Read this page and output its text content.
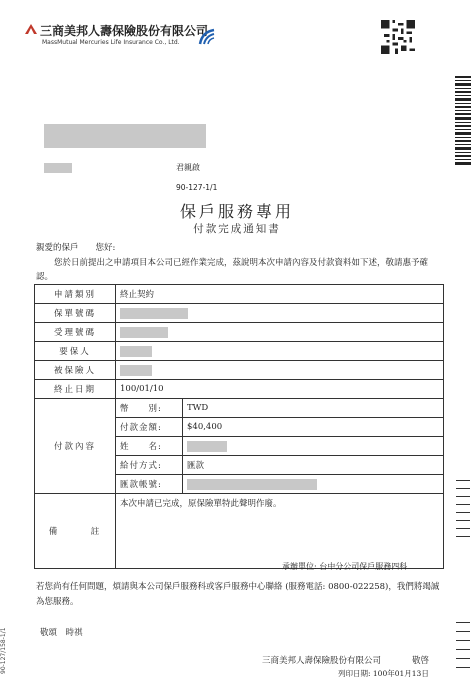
三商美邦人壽保險股份有限公司
MassMutual Mercuries Life Insurance Co., Ltd.
90-127/158-1/1
君親啟
90-127-1/1
保戶服務專用
付款完成通知書
親愛的保戶　　您好:
您於日前提出之申請項目本公司已經作業完成，茲說明本次申請內容及付款資料如下述，敬請惠予確認。
申請類別	終止契約
保單號碼	
受理號碼	
要保人	
被保險人	
終止日期	100/01/10
付款內容	
幣　　別:	TWD
付款金額:	$40,400
姓　　名:	
給付方式:	匯款
匯款帳號:	

備　　　註	本次申請已完成，原保險單特此聲明作廢。
承辦單位: 台中分公司保戶服務四科
若您尚有任何問題，煩請與本公司保戶服務科或客戶服務中心聯絡 (服務電話: 0800-022258)，我們將竭誠為您服務。
敬頌　時祺
三商美邦人壽保險股份有限公司	敬啓
列印日期: 100年01月13日
